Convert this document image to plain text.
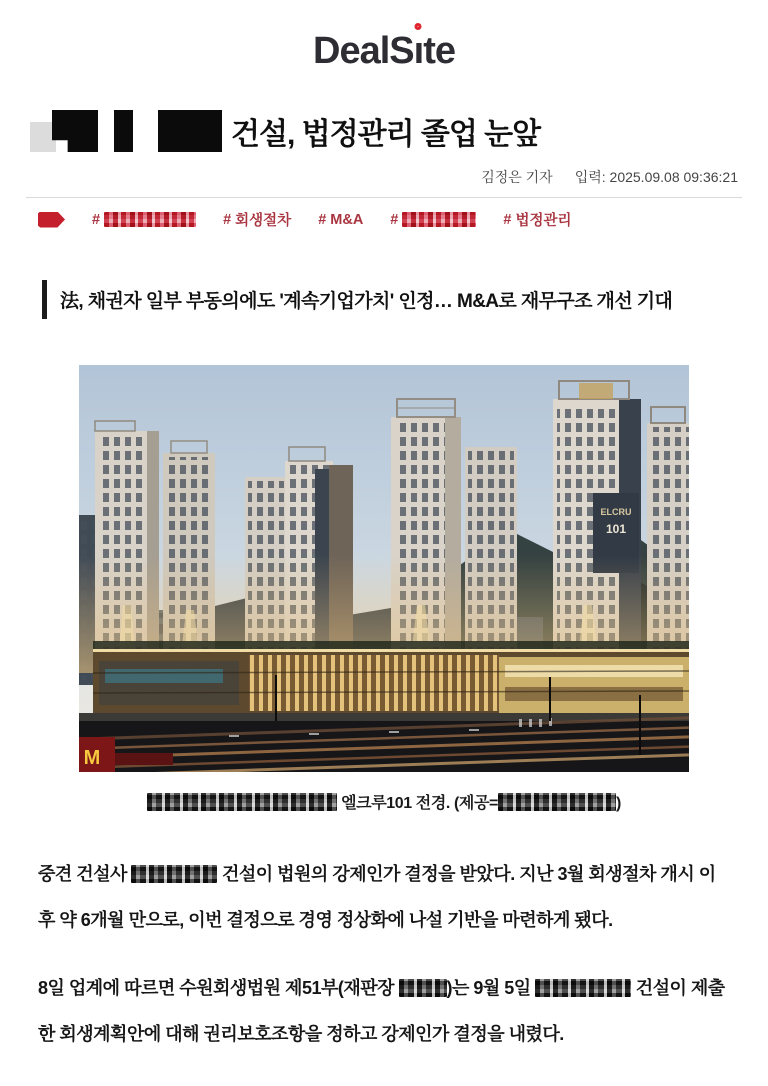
DealSı
te
건설, 법정관리 졸업 눈앞
김정은 기자 입력: 2025.09.08 09:36:21
#	# 회생절차 # M&A #	# 법정관리
法, 채권자 일부 부동의에도 '계속기업가치' 인정… M&A로 재무구조 개선 기대
ELCRU
101
M
엘크루101 전경. (제공=	)

중견 건설사	건설이 법원의 강제인가 결정을 받았다. 지난 3월 회생절차 개시 이후 약 6개월 만으로, 이번 결정으로 경영 정상화에 나설 기반을 마련하게 됐다.

8일 업계에 따르면 수원회생법원 제51부(재판장	)는 9월 5일	건설이 제출한 회생계획안에 대해 권리보호조항을 정하고 강제인가 결정을 내렸다.
